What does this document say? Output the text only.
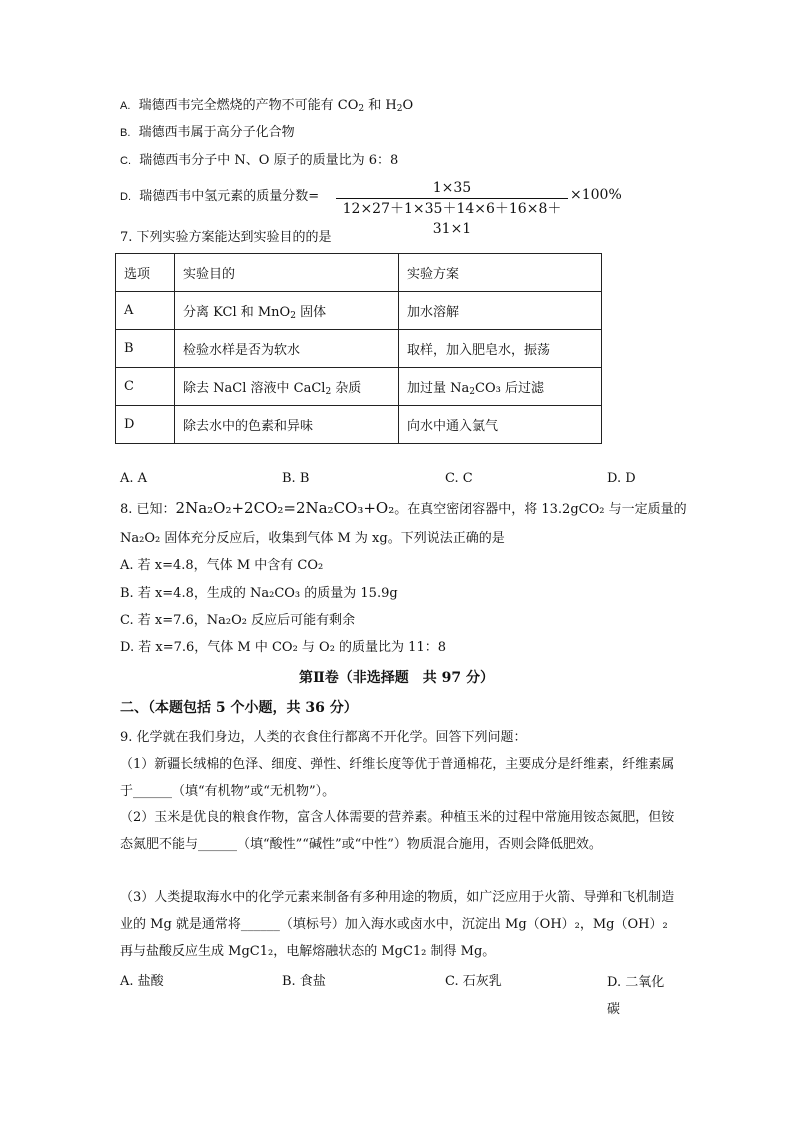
A. 瑞德西韦完全燃烧的产物不可能有 $CO_2$ 和 $H_2O$
B. 瑞德西韦属于高分子化合物
C. 瑞德西韦分子中 N、O 原子的质量比为 6：8
D. 瑞德西韦中氢元素的质量分数=
1×35
12×27＋1×35＋14×6＋16×8＋31×1
×100%
7. 下列实验方案能达到实验目的的是
选项	实验目的	实验方案
A	分离 KCl 和 MnO$_2$ 固体	加水溶解
B	检验水样是否为软水	取样，加入肥皂水，振荡
C	除去 NaCl 溶液中 CaCl$_2$ 杂质	加过量 $Na_2CO_3$ 后过滤
D	除去水中的色素和异味	向水中通入氯气
A. A	B. B	C. C	D. D
8. 已知：2Na₂O₂+2CO₂=2Na₂CO₃+O₂。在真空密闭容器中，将 13.2gCO₂ 与一定质量的
Na₂O₂ 固体充分反应后，收集到气体 M 为 xg。下列说法正确的是
A. 若 x=4.8，气体 M 中含有 CO₂
B. 若 x=4.8，生成的 Na₂CO₃ 的质量为 15.9g
C. 若 x=7.6，Na₂O₂ 反应后可能有剩余
D. 若 x=7.6，气体 M 中 CO₂ 与 O₂ 的质量比为 11：8
第Ⅱ卷（非选择题　共 97 分）
二、（本题包括 5 个小题，共 36 分）
9. 化学就在我们身边，人类的衣食住行都离不开化学。回答下列问题：
（1）新疆长绒棉的色泽、细度、弹性、纤维长度等优于普通棉花，主要成分是纤维素，纤维素属于______（填“有机物”或“无机物”）。
（2）玉米是优良的粮食作物，富含人体需要的营养素。种植玉米的过程中常施用铵态氮肥，但铵态氮肥不能与______（填“酸性”“碱性”或“中性”）物质混合施用，否则会降低肥效。
（3）人类提取海水中的化学元素来制备有多种用途的物质，如广泛应用于火箭、导弹和飞机制造业的 Mg 就是通常将______（填标号）加入海水或卤水中，沉淀出 Mg（OH）₂，Mg（OH）₂ 再与盐酸反应生成 MgC1₂，电解熔融状态的 MgC1₂ 制得 Mg。
A. 盐酸	B. 食盐	C. 石灰乳	D. 二氧化碳
